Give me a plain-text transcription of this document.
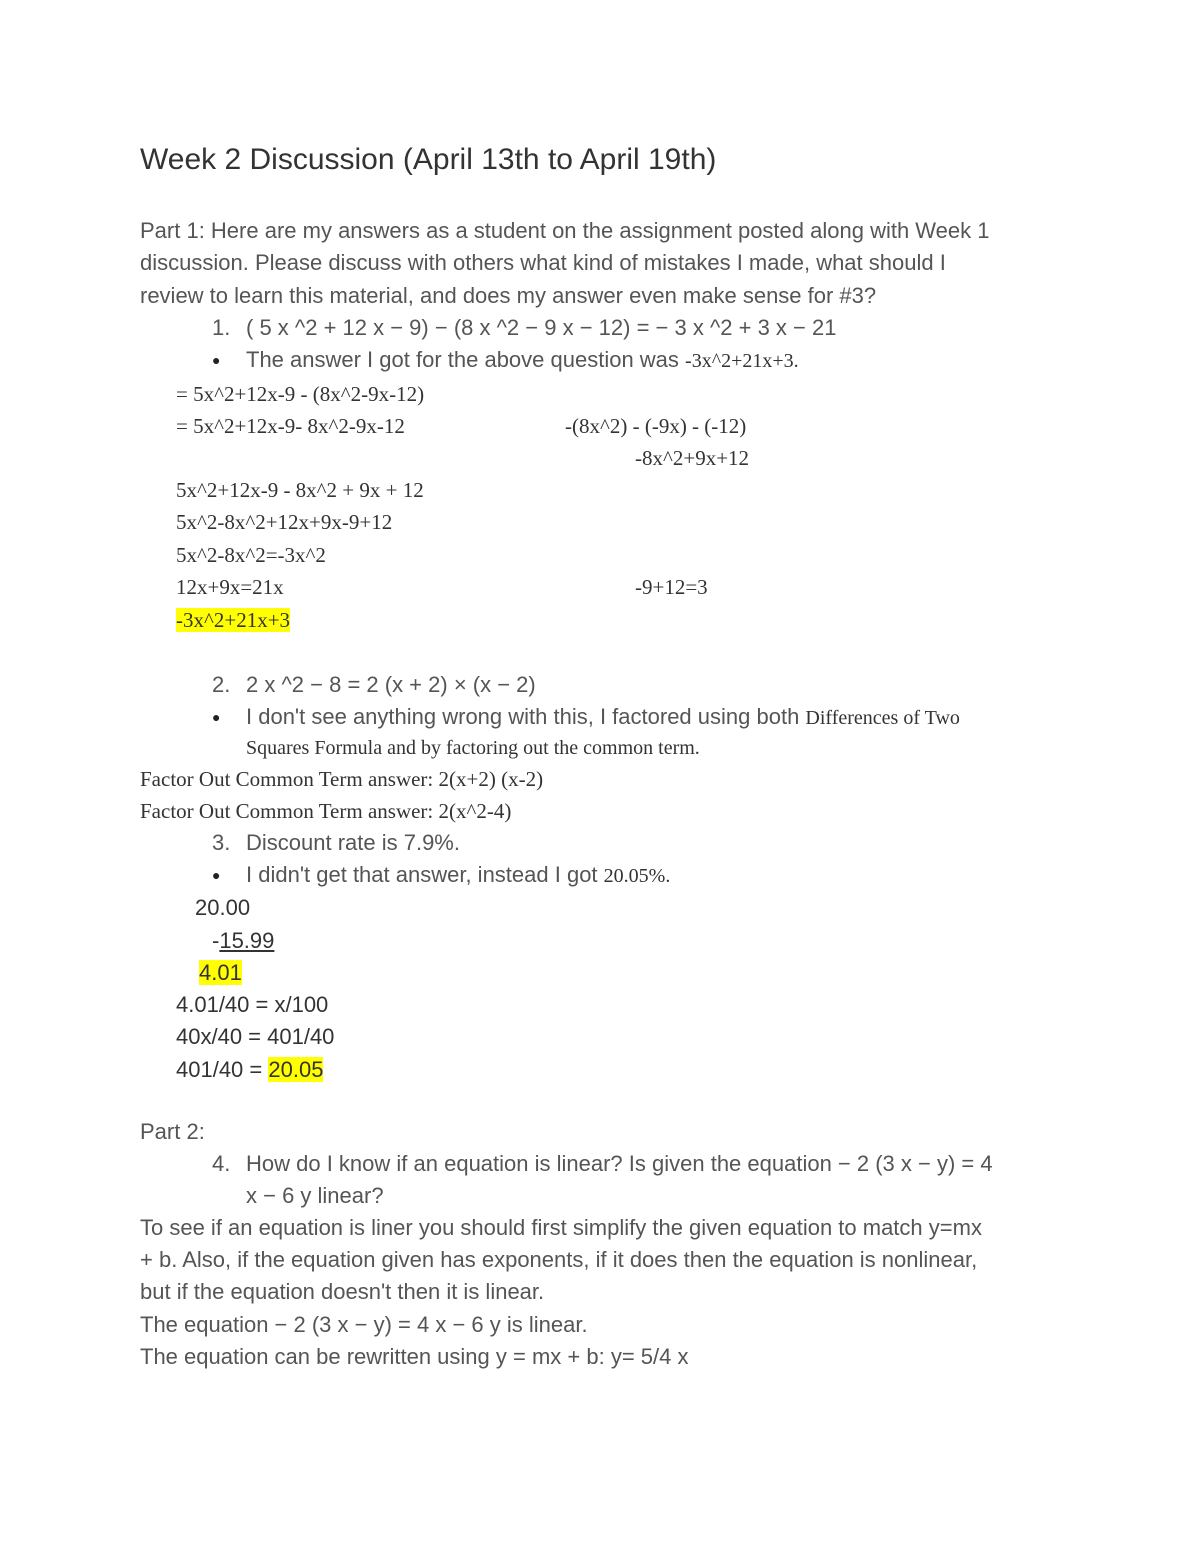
Week 2 Discussion (April 13th to April 19th)
Part 1: Here are my answers as a student on the assignment posted along with Week 1
discussion. Please discuss with others what kind of mistakes I made, what should I
review to learn this material, and does my answer even make sense for #3?
1. ( 5 x ^2 + 12 x − 9) − (8 x ^2 − 9 x − 12) = − 3 x ^2 + 3 x − 21
● The answer I got for the above question was -3x^2+21x+3.
= 5x^2+12x-9 - (8x^2-9x-12)
= 5x^2+12x-9- 8x^2-9x-12	-(8x^2) - (-9x) - (-12)
-8x^2+9x+12
5x^2+12x-9 - 8x^2 + 9x + 12
5x^2-8x^2+12x+9x-9+12
5x^2-8x^2=-3x^2
12x+9x=21x	-9+12=3
-3x^2+21x+3
2. 2 x ^2 − 8 = 2 (x + 2) × (x − 2)
● I don't see anything wrong with this, I factored using both Differences of Two
Squares Formula and by factoring out the common term.
Factor Out Common Term answer: 2(x+2) (x-2)
Factor Out Common Term answer: 2(x^2-4)
3. Discount rate is 7.9%.
● I didn't get that answer, instead I got 20.05%.
20.00
-15.99
4.01
4.01/40 = x/100
40x/40 = 401/40
401/40 = 20.05
Part 2:
4. How do I know if an equation is linear? Is given the equation − 2 (3 x − y) = 4
x − 6 y linear?
To see if an equation is liner you should first simplify the given equation to match y=mx
+ b. Also, if the equation given has exponents, if it does then the equation is nonlinear,
but if the equation doesn't then it is linear.
The equation − 2 (3 x − y) = 4 x − 6 y is linear.
The equation can be rewritten using y = mx + b: y= 5/4 x
